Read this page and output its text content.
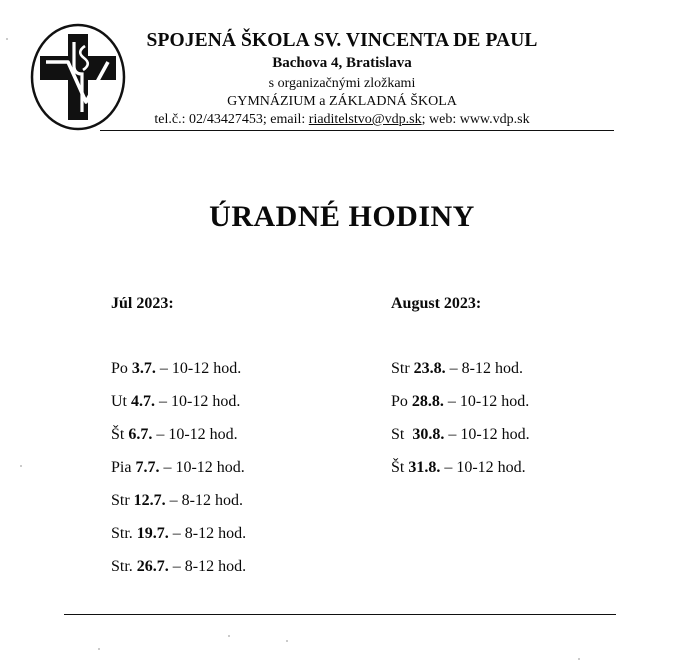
SPOJENÁ ŠKOLA SV. VINCENTA DE PAUL
Bachova 4, Bratislava
s organizačnými zložkami
GYMNÁZIUM a ZÁKLADNÁ ŠKOLA
tel.č.: 02/43427453; email: riaditelstvo@vdp.sk; web: www.vdp.sk
ÚRADNÉ HODINY
Júl 2023:
Po 3.7. – 10-12 hod.
Ut 4.7. – 10-12 hod.
Št 6.7. – 10-12 hod.
Pia 7.7. – 10-12 hod.
Str 12.7. – 8-12 hod.
Str. 19.7. – 8-12 hod.
Str. 26.7. – 8-12 hod.
August 2023:
Str 23.8. – 8-12 hod.
Po 28.8. – 10-12 hod.
St  30.8. – 10-12 hod.
Št 31.8. – 10-12 hod.
